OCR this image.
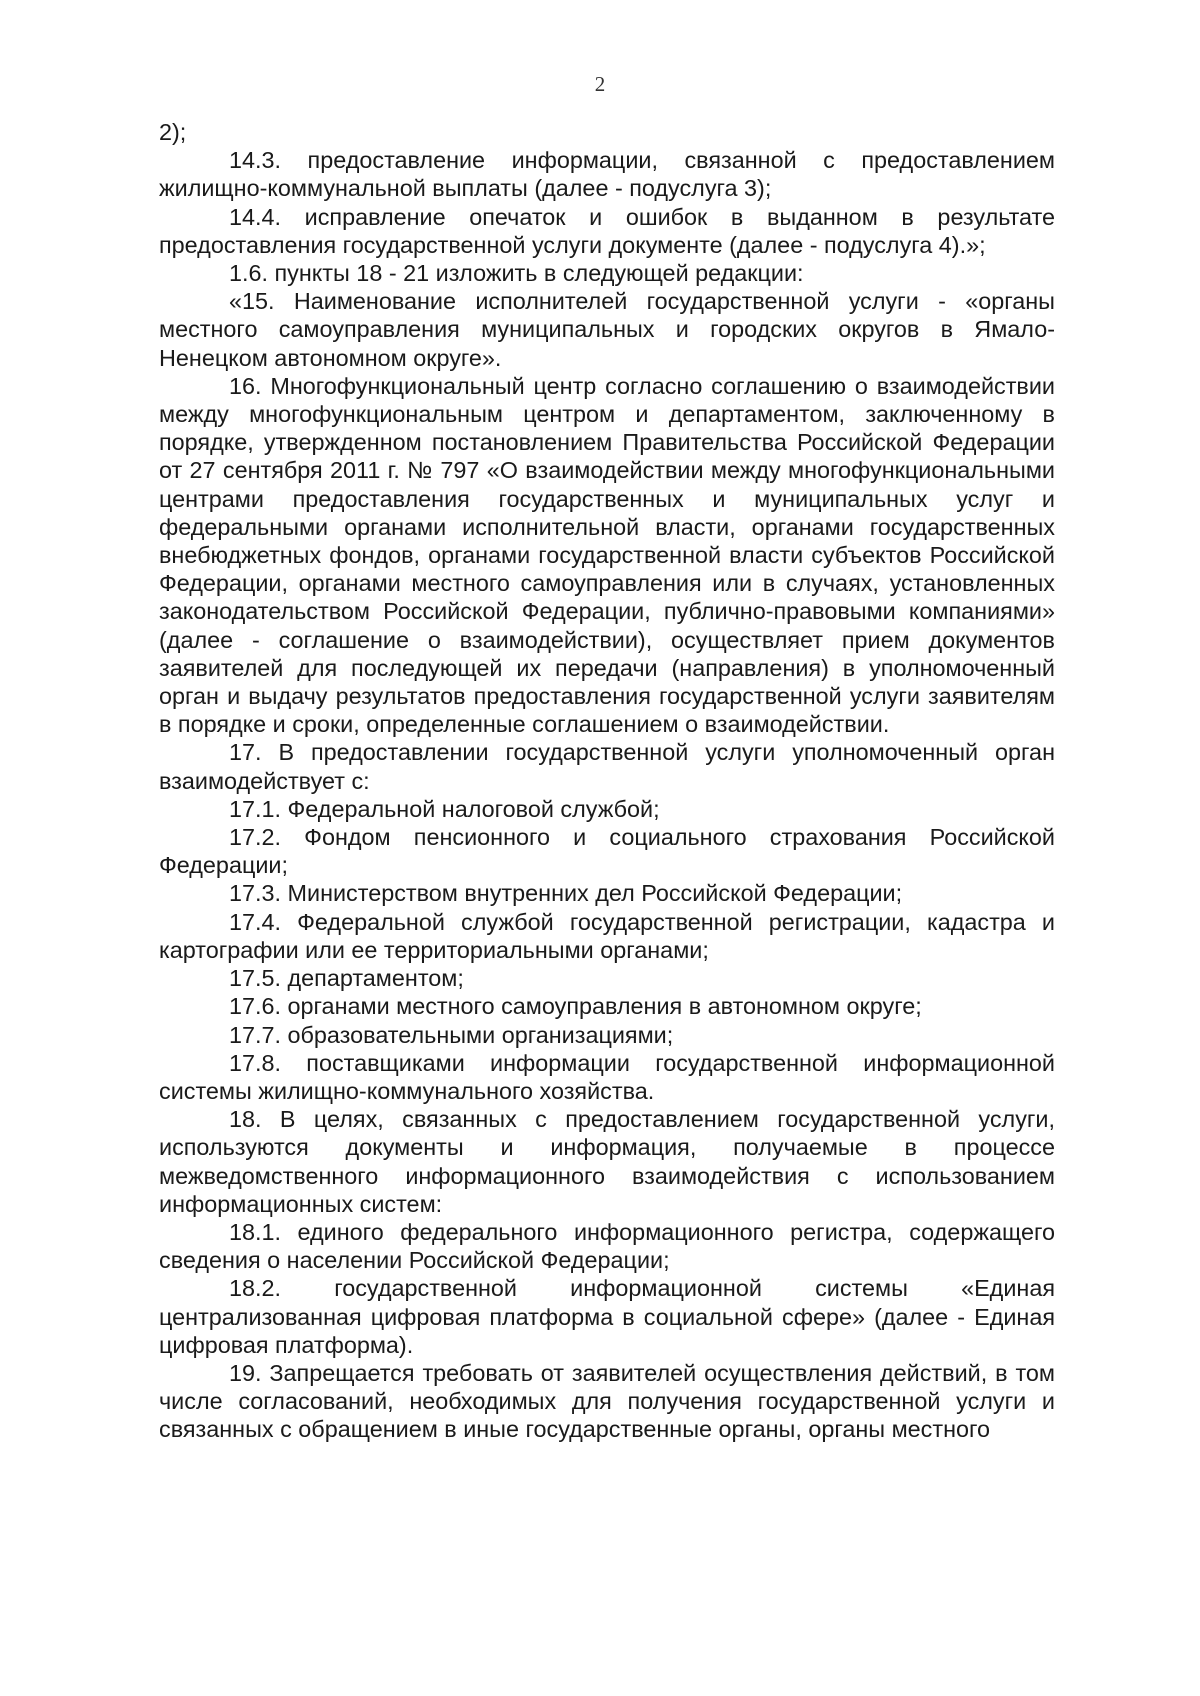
2

2);

14.3. предоставление информации, связанной с предоставлением жилищно-коммунальной выплаты (далее - подуслуга 3);

14.4. исправление опечаток и ошибок в выданном в результате предоставления государственной услуги документе (далее - подуслуга 4).»;

1.6. пункты 18 - 21 изложить в следующей редакции:

«15. Наименование исполнителей государственной услуги - «органы местного самоуправления муниципальных и городских округов в Ямало-Ненецком автономном округе».

16. Многофункциональный центр согласно соглашению о взаимодействии между многофункциональным центром и департаментом, заключенному в порядке, утвержденном постановлением Правительства Российской Федерации от 27 сентября 2011 г. № 797 «О взаимодействии между многофункциональными центрами предоставления государственных и муниципальных услуг и федеральными органами исполнительной власти, органами государственных внебюджетных фондов, органами государственной власти субъектов Российской Федерации, органами местного самоуправления или в случаях, установленных законодательством Российской Федерации, публично-правовыми компаниями» (далее - соглашение о взаимодействии), осуществляет прием документов заявителей для последующей их передачи (направления) в уполномоченный орган и выдачу результатов предоставления государственной услуги заявителям в порядке и сроки, определенные соглашением о взаимодействии.

17. В предоставлении государственной услуги уполномоченный орган взаимодействует с:

17.1. Федеральной налоговой службой;

17.2. Фондом пенсионного и социального страхования Российской Федерации;

17.3. Министерством внутренних дел Российской Федерации;

17.4. Федеральной службой государственной регистрации, кадастра и картографии или ее территориальными органами;

17.5. департаментом;

17.6. органами местного самоуправления в автономном округе;

17.7. образовательными организациями;

17.8. поставщиками информации государственной информационной системы жилищно-коммунального хозяйства.

18. В целях, связанных с предоставлением государственной услуги, используются документы и информация, получаемые в процессе межведомственного информационного взаимодействия с использованием информационных систем:

18.1. единого федерального информационного регистра, содержащего сведения о населении Российской Федерации;

18.2. государственной информационной системы «Единая централизованная цифровая платформа в социальной сфере» (далее - Единая цифровая платформа).

19. Запрещается требовать от заявителей осуществления действий, в том числе согласований, необходимых для получения государственной услуги и связанных с обращением в иные государственные органы, органы местного
